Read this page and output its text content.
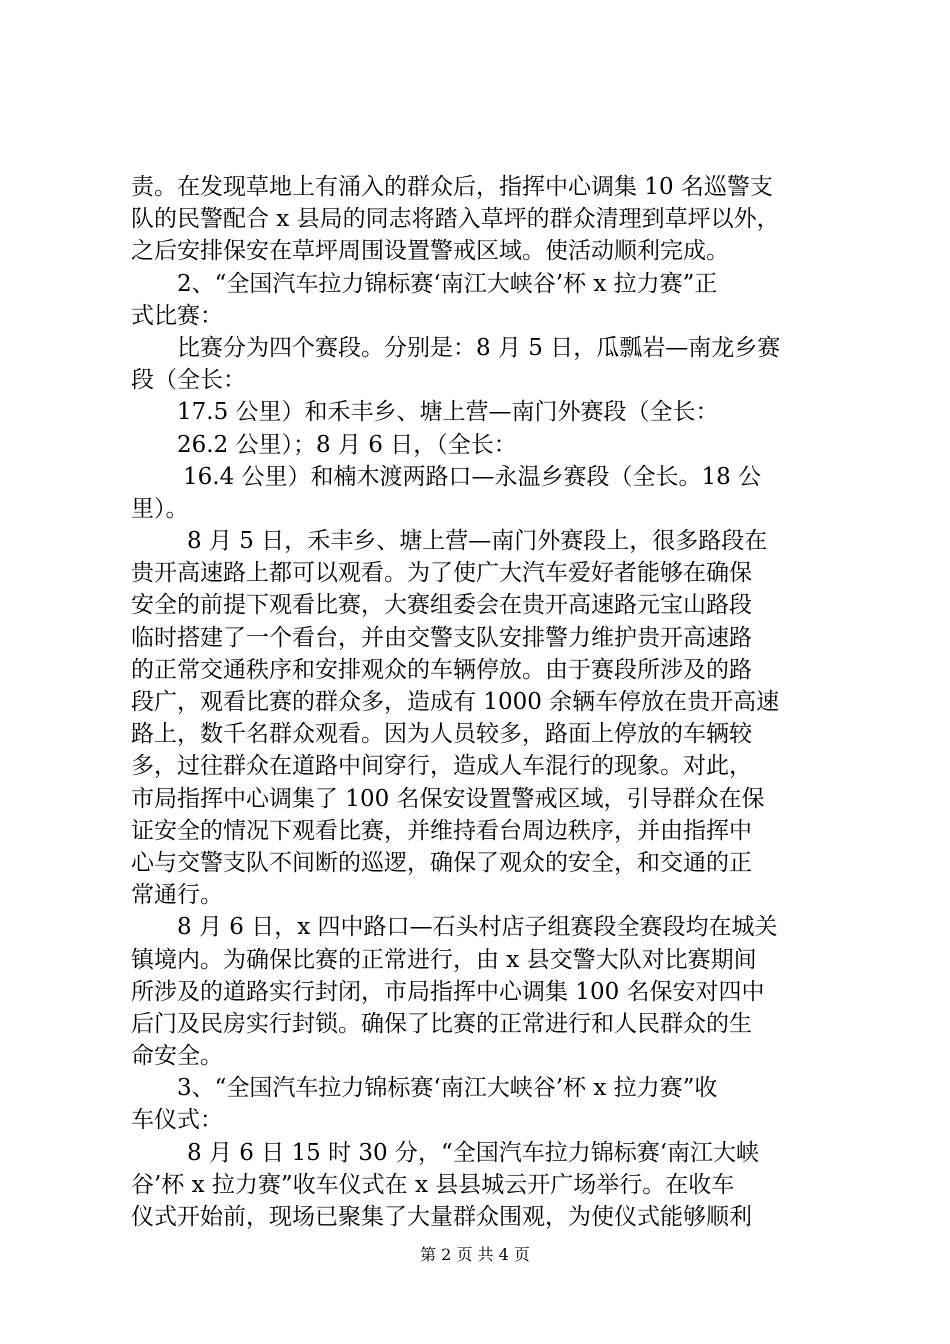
责。在发现草地上有涌入的群众后，指挥中心调集 10 名巡警支
队的民警配合 x 县局的同志将踏入草坪的群众清理到草坪以外，
之后安排保安在草坪周围设置警戒区域。使活动顺利完成。
2、“全国汽车拉力锦标赛‘南江大峡谷’杯 x 拉力赛”正
式比赛：
比赛分为四个赛段。分别是：8 月 5 日，瓜瓢岩—南龙乡赛
段（全长：
17.5 公里）和禾丰乡、塘上营—南门外赛段（全长：
26.2 公里）；8 月 6 日，（全长：
16.4 公里）和楠木渡两路口—永温乡赛段（全长。18 公
里）。
8 月 5 日，禾丰乡、塘上营—南门外赛段上，很多路段在
贵开高速路上都可以观看。为了使广大汽车爱好者能够在确保
安全的前提下观看比赛，大赛组委会在贵开高速路元宝山路段
临时搭建了一个看台，并由交警支队安排警力维护贵开高速路
的正常交通秩序和安排观众的车辆停放。由于赛段所涉及的路
段广，观看比赛的群众多，造成有 1000 余辆车停放在贵开高速
路上，数千名群众观看。因为人员较多，路面上停放的车辆较
多，过往群众在道路中间穿行，造成人车混行的现象。对此，
市局指挥中心调集了 100 名保安设置警戒区域，引导群众在保
证安全的情况下观看比赛，并维持看台周边秩序，并由指挥中
心与交警支队不间断的巡逻，确保了观众的安全，和交通的正
常通行。
8 月 6 日，x 四中路口—石头村店子组赛段全赛段均在城关
镇境内。为确保比赛的正常进行，由 x 县交警大队对比赛期间
所涉及的道路实行封闭，市局指挥中心调集 100 名保安对四中
后门及民房实行封锁。确保了比赛的正常进行和人民群众的生
命安全。
3、“全国汽车拉力锦标赛‘南江大峡谷’杯 x 拉力赛”收
车仪式：
8 月 6 日 15 时 30 分，“全国汽车拉力锦标赛‘南江大峡
谷’杯 x 拉力赛”收车仪式在 x 县县城云开广场举行。在收车
仪式开始前，现场已聚集了大量群众围观，为使仪式能够顺利
第 2 页 共 4 页
